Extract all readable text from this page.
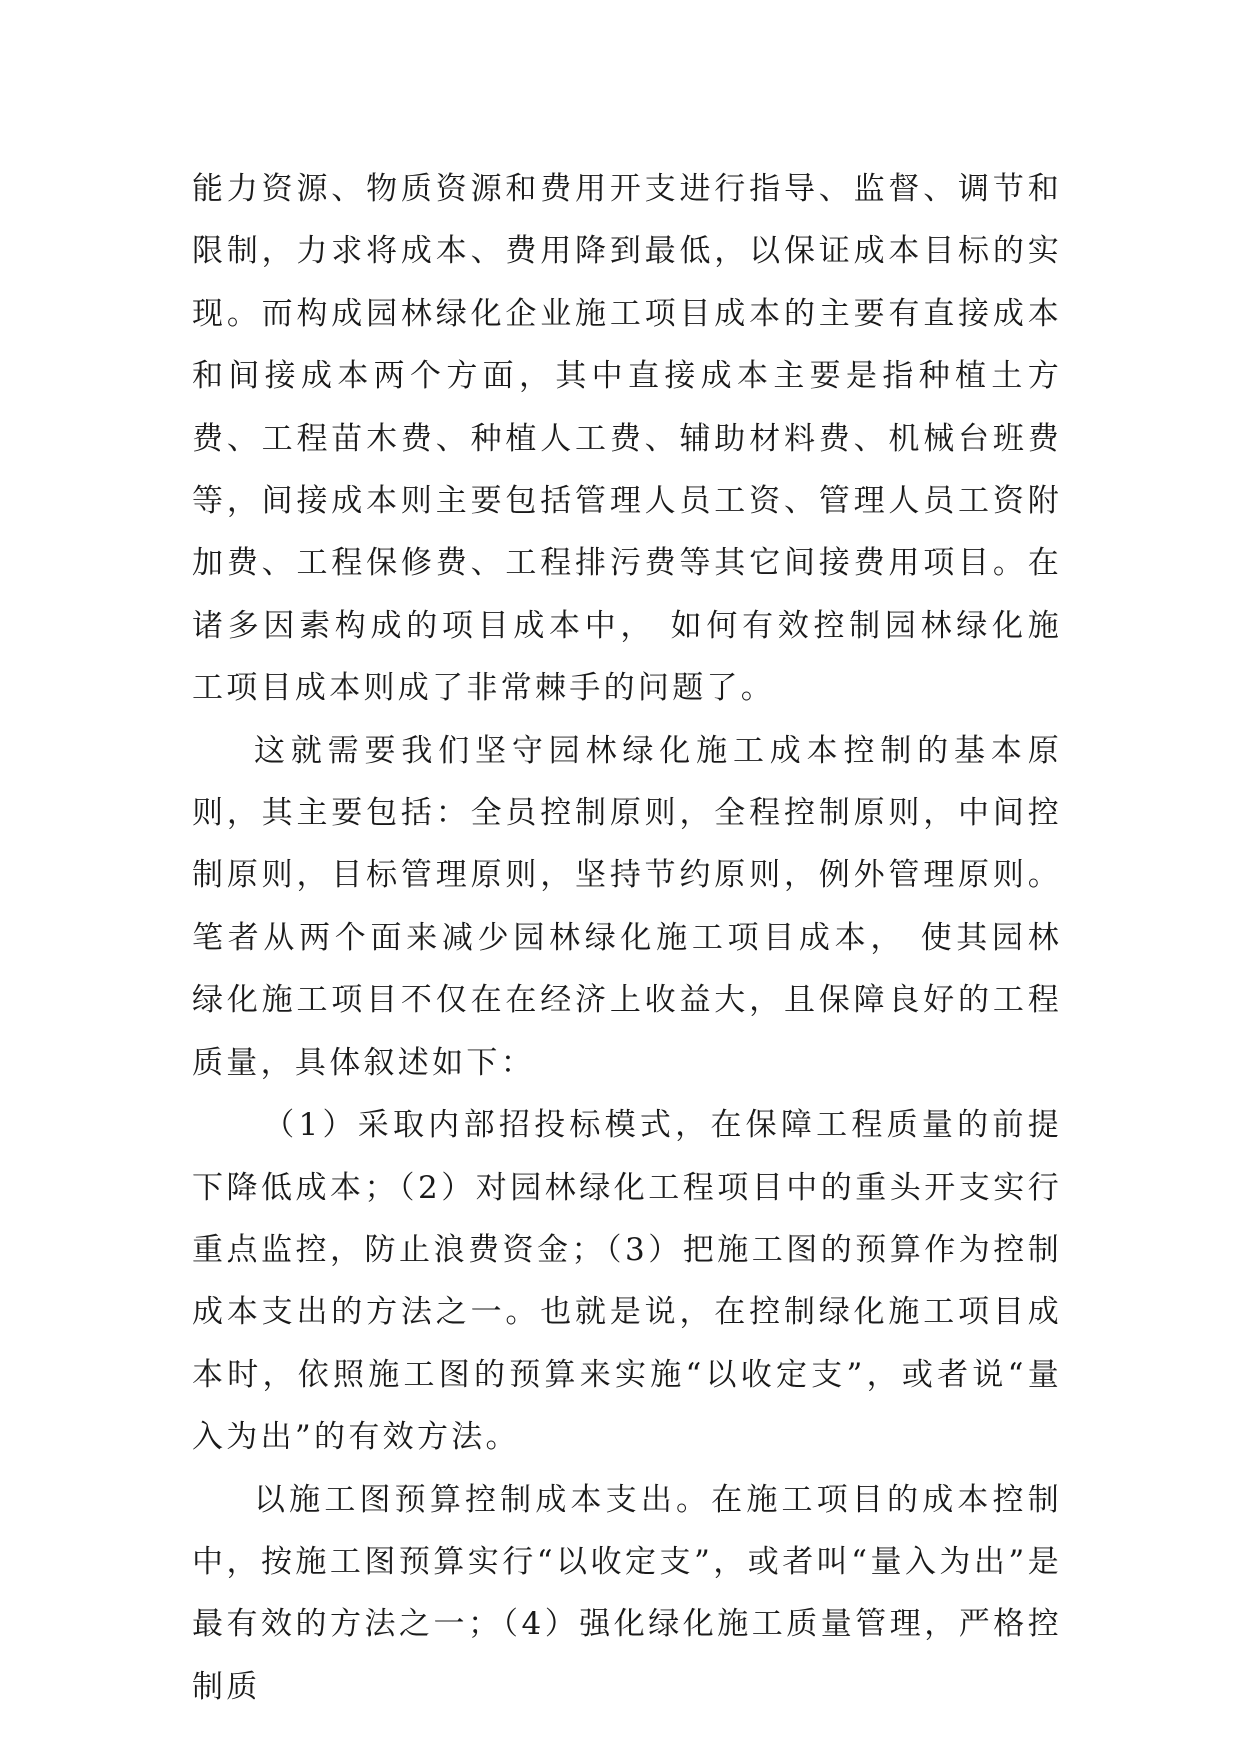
能力资源、物质资源和费用开支进行指导、监督、调节和限制，力求将成本、费用降到最低，以保证成本目标的实现。而构成园林绿化企业施工项目成本的主要有直接成本和间接成本两个方面，其中直接成本主要是指种植土方费、工程苗木费、种植人工费、辅助材料费、机械台班费等，间接成本则主要包括管理人员工资、管理人员工资附加费、工程保修费、工程排污费等其它间接费用项目。在诸多因素构成的项目成本中， 如何有效控制园林绿化施工项目成本则成了非常棘手的问题了。

这就需要我们坚守园林绿化施工成本控制的基本原则，其主要包括：全员控制原则，全程控制原则，中间控制原则，目标管理原则，坚持节约原则，例外管理原则。笔者从两个面来减少园林绿化施工项目成本， 使其园林绿化施工项目不仅在在经济上收益大，且保障良好的工程质量，具体叙述如下：

（1）采取内部招投标模式，在保障工程质量的前提下降低成本；（2）对园林绿化工程项目中的重头开支实行重点监控，防止浪费资金；（3）把施工图的预算作为控制成本支出的方法之一。也就是说，在控制绿化施工项目成本时，依照施工图的预算来实施“以收定支”，或者说“量入为出”的有效方法。

以施工图预算控制成本支出。在施工项目的成本控制中，按施工图预算实行“以收定支”，或者叫“量入为出”是最有效的方法之一；（4）强化绿化施工质量管理，严格控制质
